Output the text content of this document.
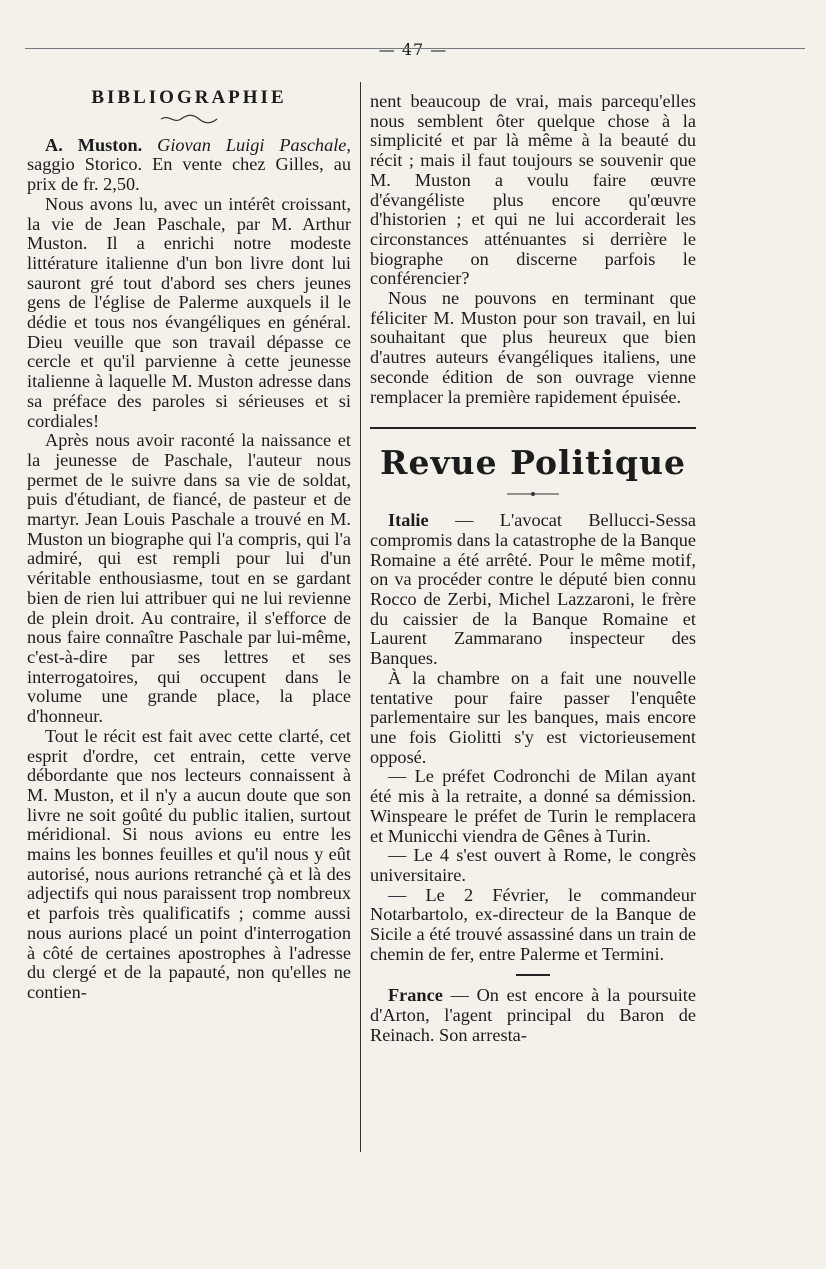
— 47 —
BIBLIOGRAPHIE

A. Muston. Giovan Luigi Paschale, saggio Storico. En vente chez Gilles, au prix de fr. 2,50.

Nous avons lu, avec un intérêt croissant, la vie de Jean Paschale, par M. Arthur Muston. Il a enrichi notre modeste littérature italienne d'un bon livre dont lui sauront gré tout d'abord ses chers jeunes gens de l'église de Palerme auxquels il le dédie et tous nos évangéliques en général. Dieu veuille que son travail dépasse ce cercle et qu'il parvienne à cette jeunesse italienne à laquelle M. Muston adresse dans sa préface des paroles si sérieuses et si cordiales!

Après nous avoir raconté la naissance et la jeunesse de Paschale, l'auteur nous permet de le suivre dans sa vie de soldat, puis d'étudiant, de fiancé, de pasteur et de martyr. Jean Louis Paschale a trouvé en M. Muston un biographe qui l'a compris, qui l'a admiré, qui est rempli pour lui d'un véritable enthousiasme, tout en se gardant bien de rien lui attribuer qui ne lui revienne de plein droit. Au contraire, il s'efforce de nous faire connaître Paschale par lui-même, c'est-à-dire par ses lettres et ses interrogatoires, qui occupent dans le volume une grande place, la place d'honneur.

Tout le récit est fait avec cette clarté, cet esprit d'ordre, cet entrain, cette verve débordante que nos lecteurs connaissent à M. Muston, et il n'y a aucun doute que son livre ne soit goûté du public italien, surtout méridional. Si nous avions eu entre les mains les bonnes feuilles et qu'il nous y eût autorisé, nous aurions retranché çà et là des adjectifs qui nous paraissent trop nombreux et parfois très qualificatifs ; comme aussi nous aurions placé un point d'interrogation à côté de certaines apostrophes à l'adresse du clergé et de la papauté, non qu'elles ne contien-

nent beaucoup de vrai, mais parcequ'elles nous semblent ôter quelque chose à la simplicité et par là même à la beauté du récit ; mais il faut toujours se souvenir que M. Muston a voulu faire œuvre d'évangéliste plus encore qu'œuvre d'historien ; et qui ne lui accorderait les circonstances atténuantes si derrière le biographe on discerne parfois le conférencier?

Nous ne pouvons en terminant que féliciter M. Muston pour son travail, en lui souhaitant que plus heureux que bien d'autres auteurs évangéliques italiens, une seconde édition de son ouvrage vienne remplacer la première rapidement épuisée.

Revue Politique

Italie — L'avocat Bellucci-Sessa compromis dans la catastrophe de la Banque Romaine a été arrêté. Pour le même motif, on va procéder contre le député bien connu Rocco de Zerbi, Michel Lazzaroni, le frère du caissier de la Banque Romaine et Laurent Zammarano inspecteur des Banques.

À la chambre on a fait une nouvelle tentative pour faire passer l'enquête parlementaire sur les banques, mais encore une fois Giolitti s'y est victorieusement opposé.

— Le préfet Codronchi de Milan ayant été mis à la retraite, a donné sa démission. Winspeare le préfet de Turin le remplacera et Municchi viendra de Gênes à Turin.

— Le 4 s'est ouvert à Rome, le congrès universitaire.

— Le 2 Février, le commandeur Notarbartolo, ex-directeur de la Banque de Sicile a été trouvé assassiné dans un train de chemin de fer, entre Palerme et Termini.

France — On est encore à la poursuite d'Arton, l'agent principal du Baron de Reinach. Son arresta-
